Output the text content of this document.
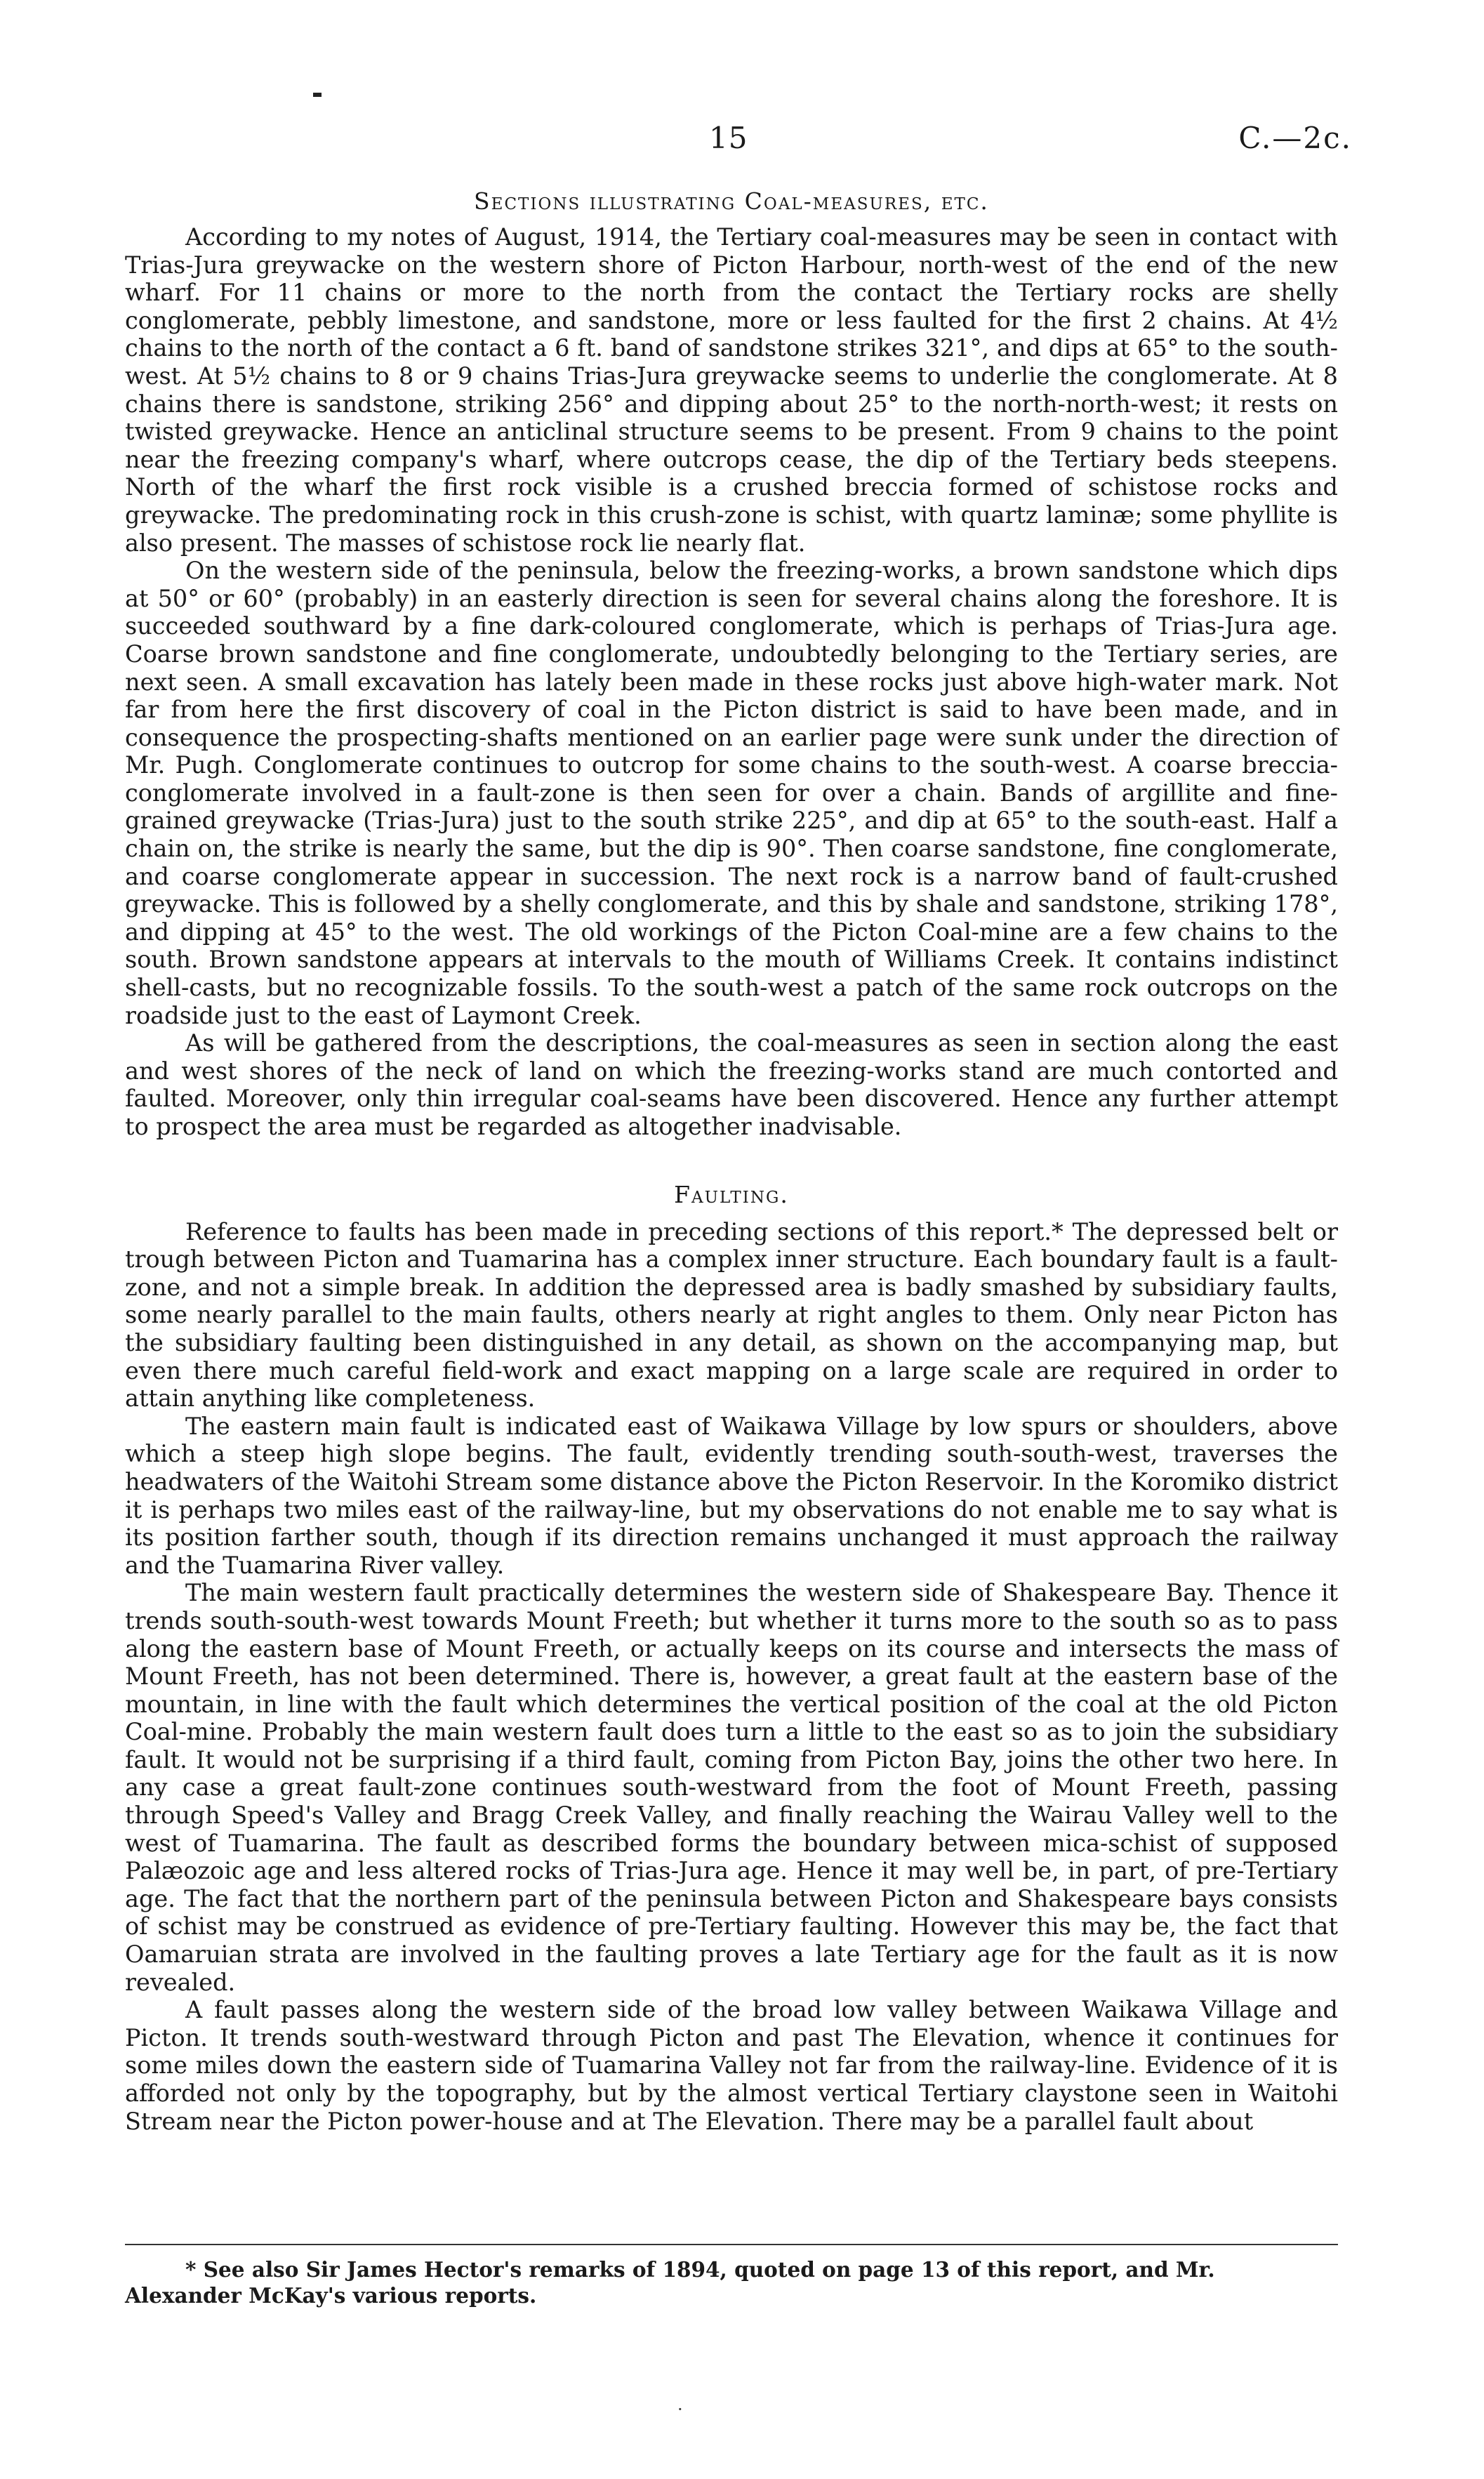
15	C.—2c.
Sections illustrating Coal-measures, etc.

According to my notes of August, 1914, the Tertiary coal-measures may be seen in contact with Trias-Jura greywacke on the western shore of Picton Harbour, north-west of the end of the new wharf. For 11 chains or more to the north from the contact the Tertiary rocks are shelly conglomerate, pebbly limestone, and sandstone, more or less faulted for the first 2 chains. At 4½ chains to the north of the contact a 6 ft. band of sandstone strikes 321°, and dips at 65° to the south-west. At 5½ chains to 8 or 9 chains Trias-Jura greywacke seems to underlie the conglomerate. At 8 chains there is sandstone, striking 256° and dipping about 25° to the north-north-west; it rests on twisted greywacke. Hence an anticlinal structure seems to be present. From 9 chains to the point near the freezing company's wharf, where outcrops cease, the dip of the Tertiary beds steepens. North of the wharf the first rock visible is a crushed breccia formed of schistose rocks and greywacke. The predominating rock in this crush-zone is schist, with quartz laminæ; some phyllite is also present. The masses of schistose rock lie nearly flat.

On the western side of the peninsula, below the freezing-works, a brown sandstone which dips at 50° or 60° (probably) in an easterly direction is seen for several chains along the foreshore. It is succeeded southward by a fine dark-coloured conglomerate, which is perhaps of Trias-Jura age. Coarse brown sandstone and fine conglomerate, undoubtedly belonging to the Tertiary series, are next seen. A small excavation has lately been made in these rocks just above high-water mark. Not far from here the first discovery of coal in the Picton district is said to have been made, and in consequence the prospecting-shafts mentioned on an earlier page were sunk under the direction of Mr. Pugh. Conglomerate continues to outcrop for some chains to the south-west. A coarse breccia-conglomerate involved in a fault-zone is then seen for over a chain. Bands of argillite and fine-grained greywacke (Trias-Jura) just to the south strike 225°, and dip at 65° to the south-east. Half a chain on, the strike is nearly the same, but the dip is 90°. Then coarse sandstone, fine conglomerate, and coarse conglomerate appear in succession. The next rock is a narrow band of fault-crushed greywacke. This is followed by a shelly conglomerate, and this by shale and sandstone, striking 178°, and dipping at 45° to the west. The old workings of the Picton Coal-mine are a few chains to the south. Brown sandstone appears at intervals to the mouth of Williams Creek. It contains indistinct shell-casts, but no recognizable fossils. To the south-west a patch of the same rock outcrops on the roadside just to the east of Laymont Creek.

As will be gathered from the descriptions, the coal-measures as seen in section along the east and west shores of the neck of land on which the freezing-works stand are much contorted and faulted. Moreover, only thin irregular coal-seams have been discovered. Hence any further attempt to prospect the area must be regarded as altogether inadvisable.

Faulting.

Reference to faults has been made in preceding sections of this report.* The depressed belt or trough between Picton and Tuamarina has a complex inner structure. Each boundary fault is a fault-zone, and not a simple break. In addition the depressed area is badly smashed by subsidiary faults, some nearly parallel to the main faults, others nearly at right angles to them. Only near Picton has the subsidiary faulting been distinguished in any detail, as shown on the accompanying map, but even there much careful field-work and exact mapping on a large scale are required in order to attain anything like completeness.

The eastern main fault is indicated east of Waikawa Village by low spurs or shoulders, above which a steep high slope begins. The fault, evidently trending south-south-west, traverses the headwaters of the Waitohi Stream some distance above the Picton Reservoir. In the Koromiko district it is perhaps two miles east of the railway-line, but my observations do not enable me to say what is its position farther south, though if its direction remains unchanged it must approach the railway and the Tuamarina River valley.

The main western fault practically determines the western side of Shakespeare Bay. Thence it trends south-south-west towards Mount Freeth; but whether it turns more to the south so as to pass along the eastern base of Mount Freeth, or actually keeps on its course and intersects the mass of Mount Freeth, has not been determined. There is, however, a great fault at the eastern base of the mountain, in line with the fault which determines the vertical position of the coal at the old Picton Coal-mine. Probably the main western fault does turn a little to the east so as to join the subsidiary fault. It would not be surprising if a third fault, coming from Picton Bay, joins the other two here. In any case a great fault-zone continues south-westward from the foot of Mount Freeth, passing through Speed's Valley and Bragg Creek Valley, and finally reaching the Wairau Valley well to the west of Tuamarina. The fault as described forms the boundary between mica-schist of supposed Palæozoic age and less altered rocks of Trias-Jura age. Hence it may well be, in part, of pre-Tertiary age. The fact that the northern part of the peninsula between Picton and Shakespeare bays consists of schist may be construed as evidence of pre-Tertiary faulting. However this may be, the fact that Oamaruian strata are involved in the faulting proves a late Tertiary age for the fault as it is now revealed.

A fault passes along the western side of the broad low valley between Waikawa Village and Picton. It trends south-westward through Picton and past The Elevation, whence it continues for some miles down the eastern side of Tuamarina Valley not far from the railway-line. Evidence of it is afforded not only by the topography, but by the almost vertical Tertiary claystone seen in Waitohi Stream near the Picton power-house and at The Elevation. There may be a parallel fault about

* See also Sir James Hector's remarks of 1894, quoted on page 13 of this report, and Mr. Alexander McKay's various reports.
·
